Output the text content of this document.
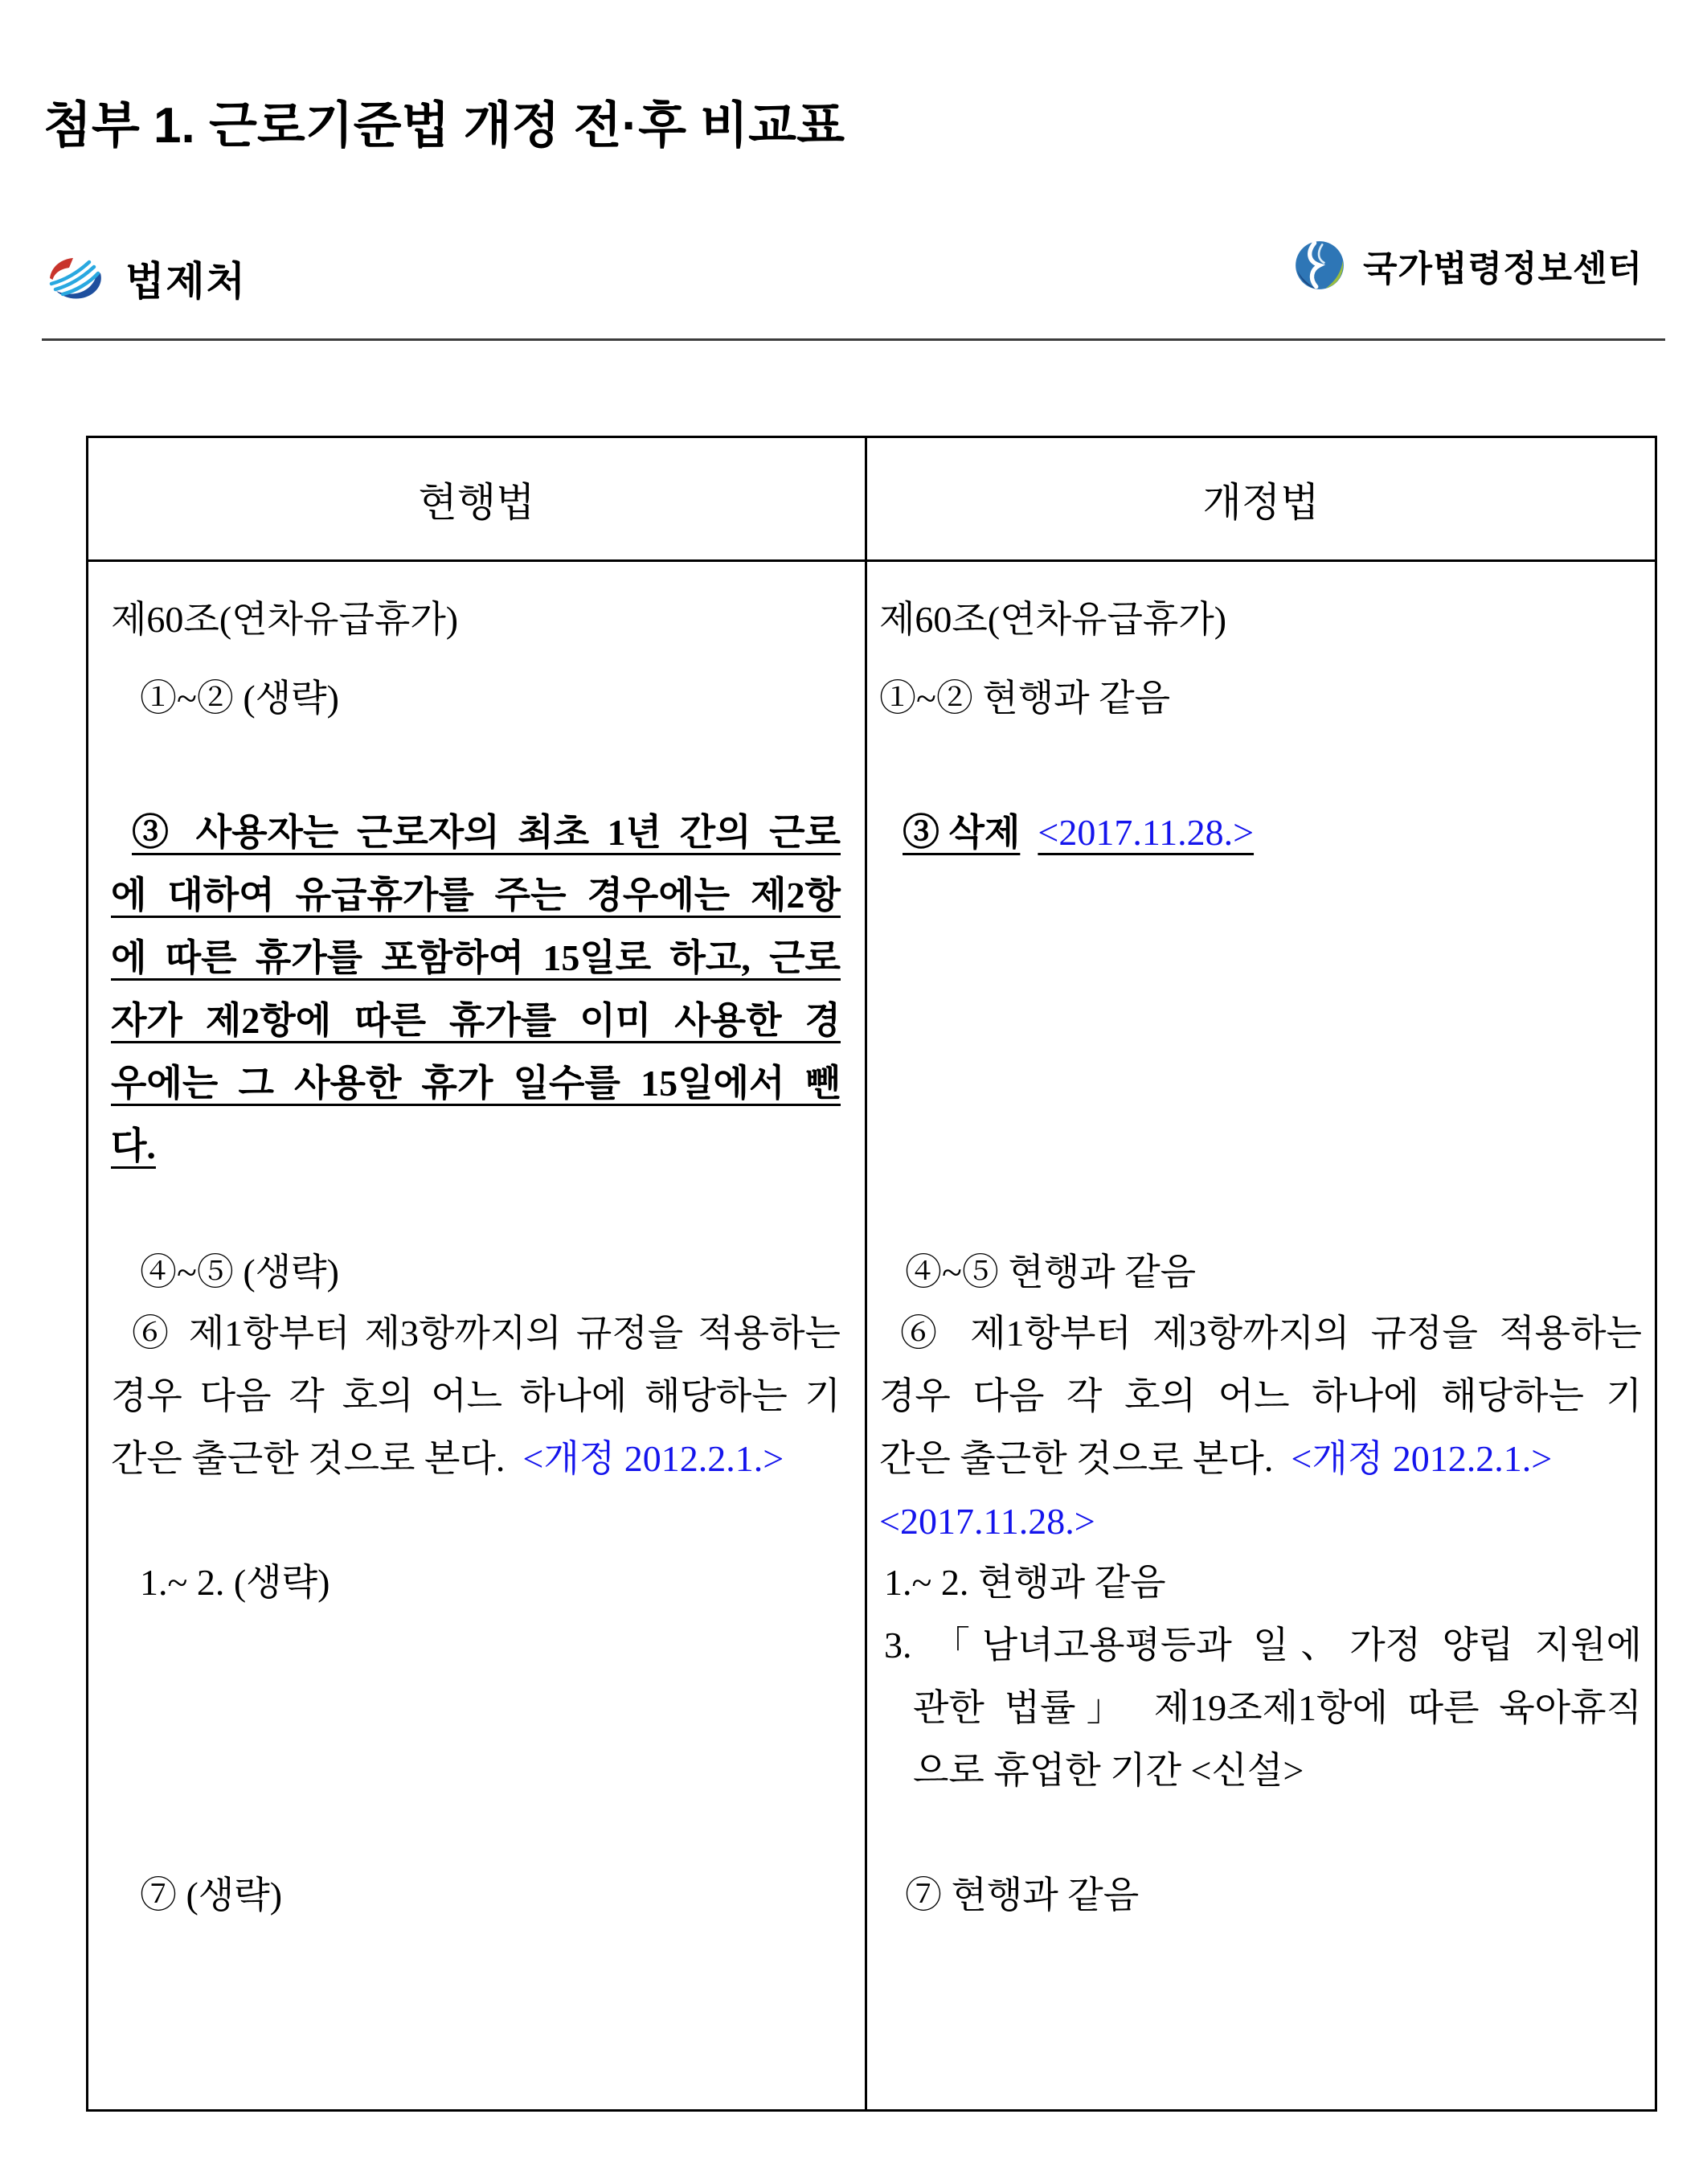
첨부 1. 근로기준법 개정 전·후 비교표
법제처	국가법령정보센터
현행법	개정법
제60조(연차유급휴가)
①~② (생략)
③ 사용자는 근로자의 최초 1년 간의 근로
에 대하여 유급휴가를 주는 경우에는 제2항
에 따른 휴가를 포함하여 15일로 하고, 근로
자가 제2항에 따른 휴가를 이미 사용한 경
우에는 그 사용한 휴가 일수를 15일에서 뺀
다.
④~⑤ (생략)
⑥ 제1항부터 제3항까지의 규정을 적용하는
경우 다음 각 호의 어느 하나에 해당하는 기
간은 출근한 것으로 본다. <개정 2012.2.1.>
1.~ 2. (생략)
⑦ (생략)
제60조(연차유급휴가)
①~② 현행과 같음
③ 삭제 <2017.11.28.>
④~⑤ 현행과 같음
⑥ 제1항부터 제3항까지의 규정을 적용하는
경우 다음 각 호의 어느 하나에 해당하는 기
간은 출근한 것으로 본다. <개정 2012.2.1.>
<2017.11.28.>
1.~ 2. 현행과 같음
3. 「남녀고용평등과 일、가정 양립 지원에
관한 법률」 제19조제1항에 따른 육아휴직
으로 휴업한 기간 <신설>
⑦ 현행과 같음
